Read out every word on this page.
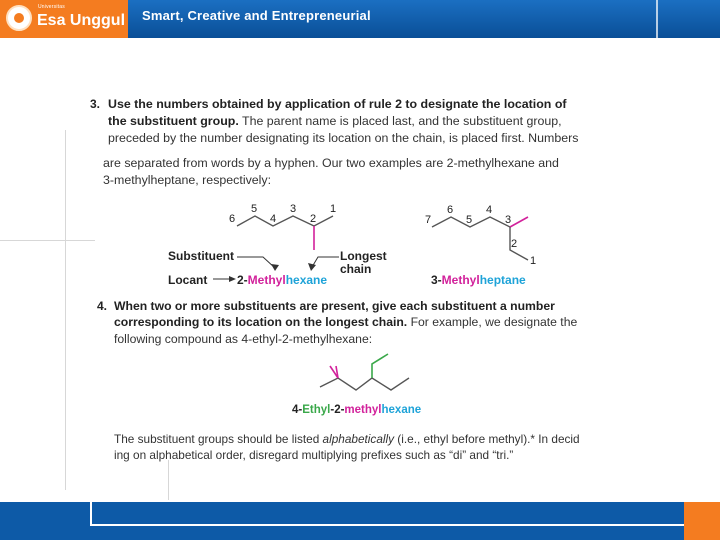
Universitas
Esa Unggul Smart, Creative and Entrepreneurial
3. Use the numbers obtained by application of rule 2 to designate the location of
the substituent group. The parent name is placed last, and the substituent group,
preceded by the number designating its location on the chain, is placed first. Numbers
are separated from words by a hyphen. Our two examples are 2-methylhexane and
3-methylheptane, respectively:
6
5
4
3
2
1
7
6
5
4
3
2
1
Substituent	Longest
chain
Locant 2-Methylhexane	3-Methylheptane
4. When two or more substituents are present, give each substituent a number
corresponding to its location on the longest chain. For example, we designate the
following compound as 4-ethyl-2-methylhexane:
4-Ethyl-2-methylhexane
The substituent groups should be listed alphabetically (i.e., ethyl before methyl).* In decid
ing on alphabetical order, disregard multiplying prefixes such as “di” and “tri.”
